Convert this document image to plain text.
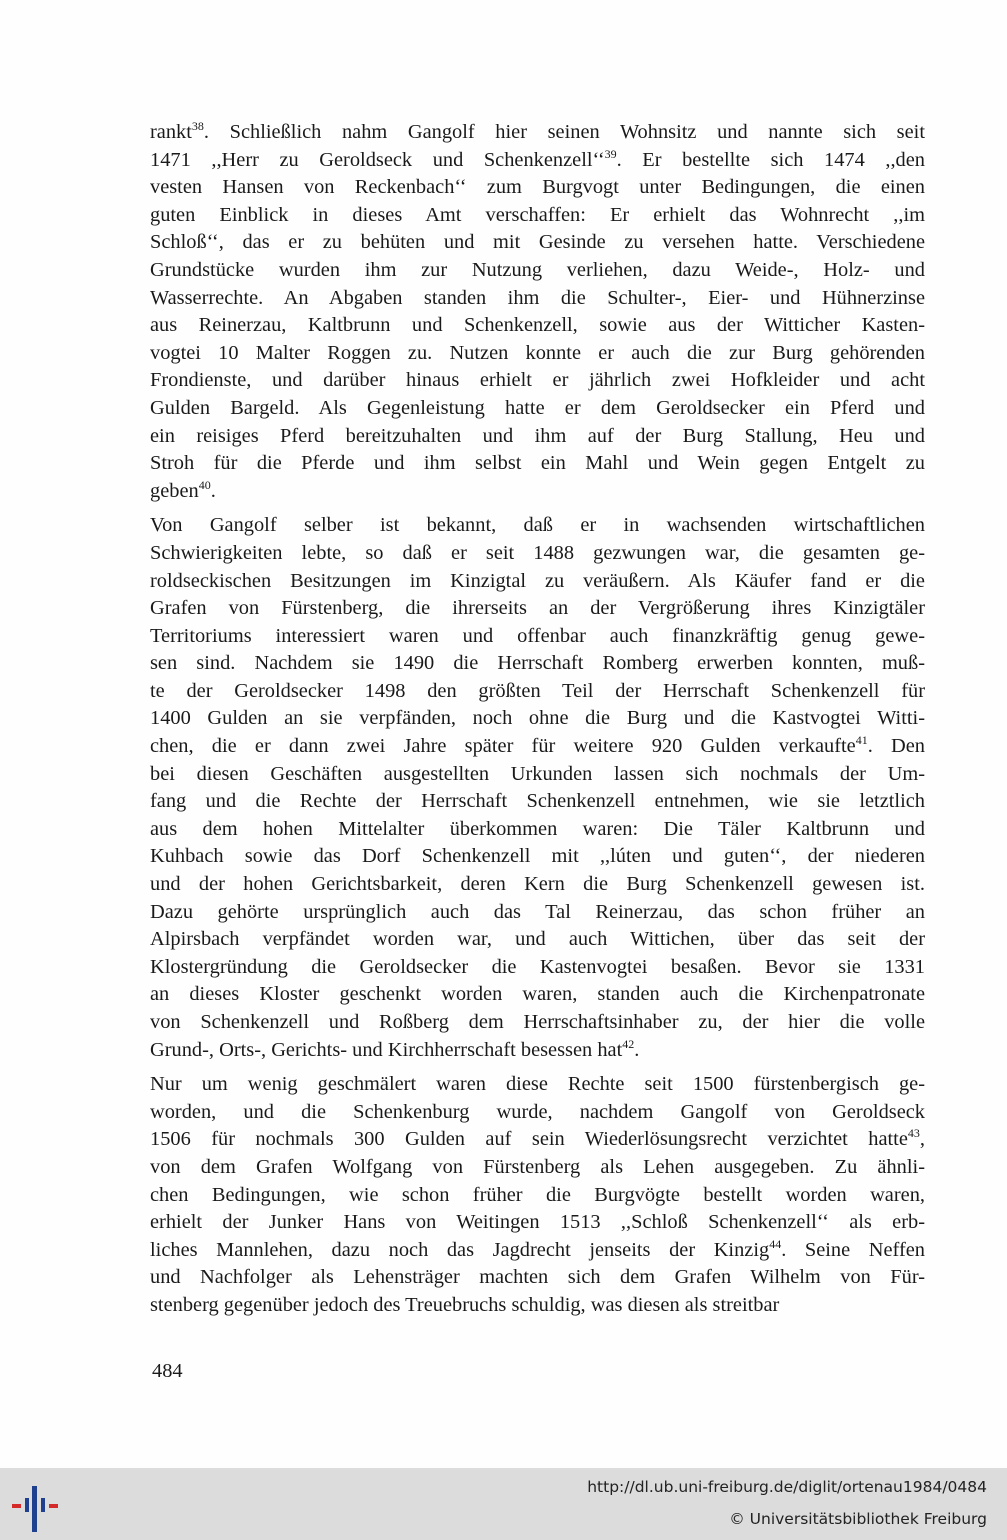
rankt$^{38}$. Schließlich nahm Gangolf hier seinen Wohnsitz und nannte sich seit
1471 ,,Herr zu Geroldseck und Schenkenzell‘‘$^{39}$. Er bestellte sich 1474 ,,den
vesten Hansen von Reckenbach‘‘ zum Burgvogt unter Bedingungen, die einen
guten Einblick in dieses Amt verschaffen: Er erhielt das Wohnrecht ,,im
Schloß‘‘, das er zu behüten und mit Gesinde zu versehen hatte. Verschiedene
Grundstücke wurden ihm zur Nutzung verliehen, dazu Weide-, Holz- und
Wasserrechte. An Abgaben standen ihm die Schulter-, Eier- und Hühnerzinse
aus Reinerzau, Kaltbrunn und Schenkenzell, sowie aus der Witticher Kasten-
vogtei 10 Malter Roggen zu. Nutzen konnte er auch die zur Burg gehörenden
Frondienste, und darüber hinaus erhielt er jährlich zwei Hofkleider und acht
Gulden Bargeld. Als Gegenleistung hatte er dem Geroldsecker ein Pferd und
ein reisiges Pferd bereitzuhalten und ihm auf der Burg Stallung, Heu und
Stroh für die Pferde und ihm selbst ein Mahl und Wein gegen Entgelt zu
geben$^{40}$.

Von Gangolf selber ist bekannt, daß er in wachsenden wirtschaftlichen
Schwierigkeiten lebte, so daß er seit 1488 gezwungen war, die gesamten ge-
roldseckischen Besitzungen im Kinzigtal zu veräußern. Als Käufer fand er die
Grafen von Fürstenberg, die ihrerseits an der Vergrößerung ihres Kinzigtäler
Territoriums interessiert waren und offenbar auch finanzkräftig genug gewe-
sen sind. Nachdem sie 1490 die Herrschaft Romberg erwerben konnten, muß-
te der Geroldsecker 1498 den größten Teil der Herrschaft Schenkenzell für
1400 Gulden an sie verpfänden, noch ohne die Burg und die Kastvogtei Witti-
chen, die er dann zwei Jahre später für weitere 920 Gulden verkaufte$^{41}$. Den
bei diesen Geschäften ausgestellten Urkunden lassen sich nochmals der Um-
fang und die Rechte der Herrschaft Schenkenzell entnehmen, wie sie letztlich
aus dem hohen Mittelalter überkommen waren: Die Täler Kaltbrunn und
Kuhbach sowie das Dorf Schenkenzell mit ,,lúten und guten‘‘, der niederen
und der hohen Gerichtsbarkeit, deren Kern die Burg Schenkenzell gewesen ist.
Dazu gehörte ursprünglich auch das Tal Reinerzau, das schon früher an
Alpirsbach verpfändet worden war, und auch Wittichen, über das seit der
Klostergründung die Geroldsecker die Kastenvogtei besaßen. Bevor sie 1331
an dieses Kloster geschenkt worden waren, standen auch die Kirchenpatronate
von Schenkenzell und Roßberg dem Herrschaftsinhaber zu, der hier die volle
Grund-, Orts-, Gerichts- und Kirchherrschaft besessen hat$^{42}$.

Nur um wenig geschmälert waren diese Rechte seit 1500 fürstenbergisch ge-
worden, und die Schenkenburg wurde, nachdem Gangolf von Geroldseck
1506 für nochmals 300 Gulden auf sein Wiederlösungsrecht verzichtet hatte$^{43}$,
von dem Grafen Wolfgang von Fürstenberg als Lehen ausgegeben. Zu ähnli-
chen Bedingungen, wie schon früher die Burgvögte bestellt worden waren,
erhielt der Junker Hans von Weitingen 1513 ,,Schloß Schenkenzell‘‘ als erb-
liches Mannlehen, dazu noch das Jagdrecht jenseits der Kinzig$^{44}$. Seine Neffen
und Nachfolger als Lehensträger machten sich dem Grafen Wilhelm von Für-
stenberg gegenüber jedoch des Treuebruchs schuldig, was diesen als streitbar

484
http://dl.ub.uni-freiburg.de/diglit/ortenau1984/0484
© Universitätsbibliothek Freiburg
